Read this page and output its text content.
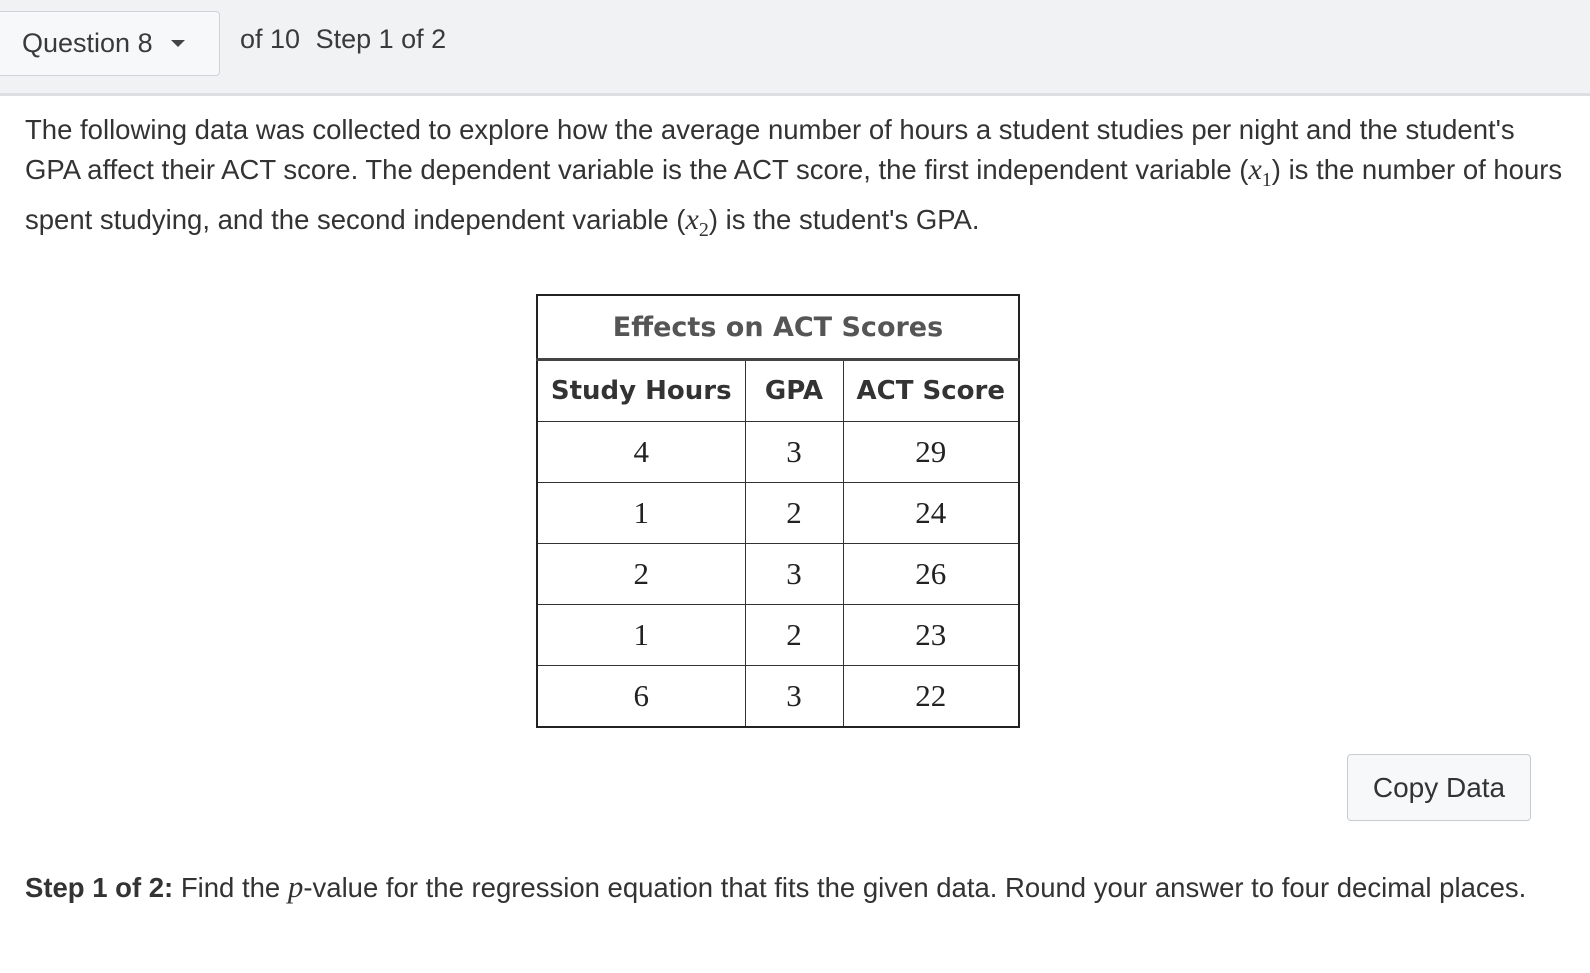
Question 8	of 10 Step 1 of 2
The following data was collected to explore how the average number of hours a student studies per night and the student's GPA affect their ACT score. The dependent variable is the ACT score, the first independent variable $(x_1)$ is the number of hours spent studying, and the second independent variable $(x_2)$ is the student's GPA.
Effects on ACT Scores		
Study Hours	GPA	ACT Score
4	3	29
1	2	24
2	3	26
1	2	23
6	3	22
Copy Data
Step 1 of 2: Find the p-value for the regression equation that fits the given data. Round your answer to four decimal places.
